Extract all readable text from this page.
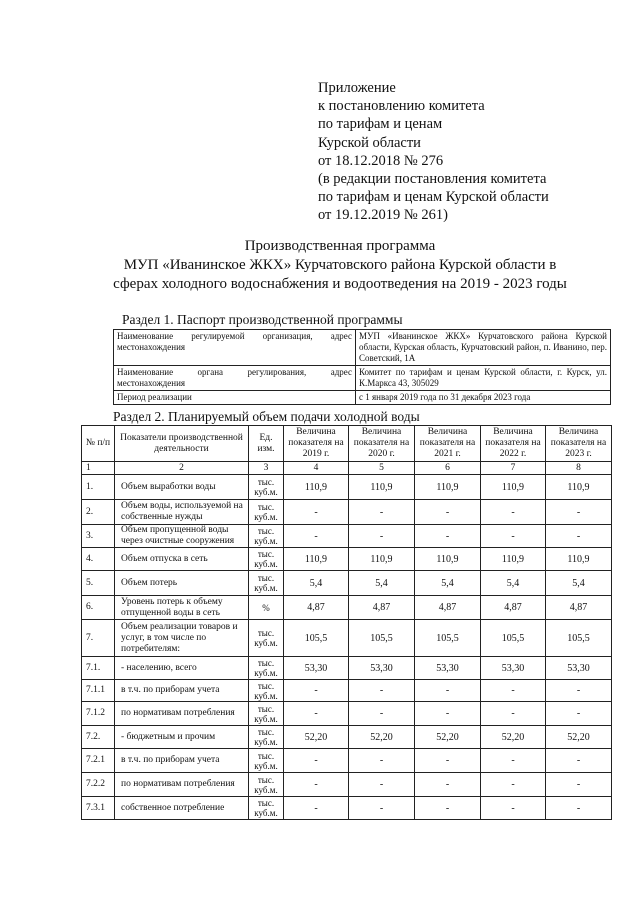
Приложение
к постановлению комитета
по тарифам и ценам
Курской области
от 18.12.2018 № 276
(в редакции постановления комитета
по тарифам и ценам Курской области
от 19.12.2019 № 261)
Производственная программа
МУП «Иванинское ЖКХ» Курчатовского района Курской области в
сферах холодного водоснабжения и водоотведения на 2019 - 2023 годы
Раздел 1. Паспорт производственной программы
Наименование регулируемой организация, адрес местонахождения	МУП «Иванинское ЖКХ» Курчатовского района Курской области, Курская область, Курчатовский район, п. Иванино, пер. Советский, 1А
Наименование органа регулирования, адрес местонахождения	Комитет по тарифам и ценам Курской области, г. Курск, ул. К.Маркса 43, 305029
Период реализации	с 1 января 2019 года по 31 декабря 2023 года
Раздел 2. Планируемый объем подачи холодной воды
№ п/п	Показатели производственной деятельности	Ед. изм.	Величина показателя на 2019 г.	Величина показателя на 2020 г.	Величина показателя на 2021 г.	Величина показателя на 2022 г.	Величина показателя на 2023 г.
1	2	3	4	5	6	7	8
1.	Объем выработки воды	тыс. куб.м.	110,9	110,9	110,9	110,9	110,9
2.	Объем воды, используемой на собственные нужды	тыс. куб.м.	-	-	-	-	-
3.	Объем пропущенной воды через очистные сооружения	тыс. куб.м.	-	-	-	-	-
4.	Объем отпуска в сеть	тыс. куб.м.	110,9	110,9	110,9	110,9	110,9
5.	Объем потерь	тыс. куб.м.	5,4	5,4	5,4	5,4	5,4
6.	Уровень потерь к объему отпущенной воды в сеть	%	4,87	4,87	4,87	4,87	4,87
7.	Объем реализации товаров и услуг, в том числе по потребителям:	тыс. куб.м.	105,5	105,5	105,5	105,5	105,5
7.1.	- населению, всего	тыс. куб.м.	53,30	53,30	53,30	53,30	53,30
7.1.1	в т.ч. по приборам учета	тыс. куб.м.	-	-	-	-	-
7.1.2	по нормативам потребления	тыс. куб.м.	-	-	-	-	-
7.2.	- бюджетным и прочим	тыс. куб.м.	52,20	52,20	52,20	52,20	52,20
7.2.1	в т.ч. по приборам учета	тыс. куб.м.	-	-	-	-	-
7.2.2	по нормативам потребления	тыс. куб.м.	-	-	-	-	-
7.3.1	собственное потребление	тыс. куб.м.	-	-	-	-	-
